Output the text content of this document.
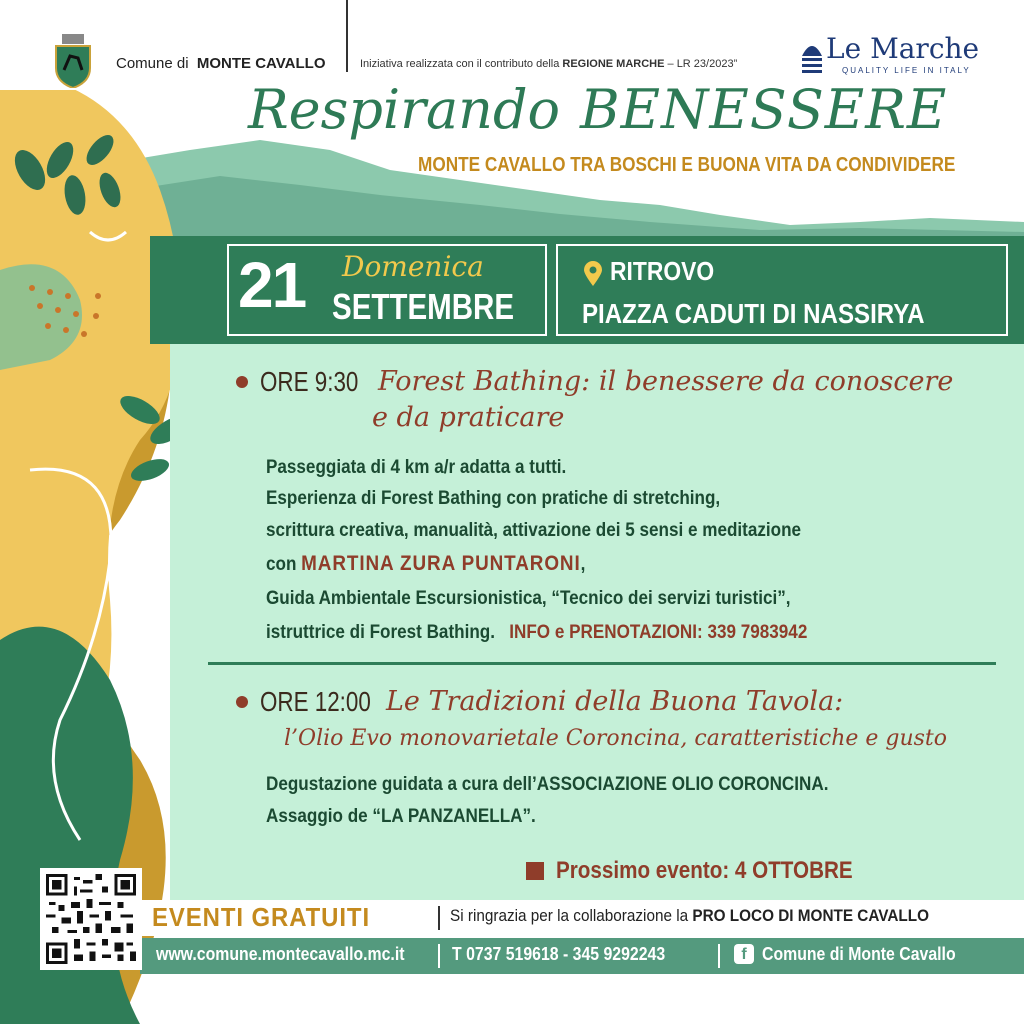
Comune di MONTE CAVALLO	Iniziativa realizzata con il contributo della REGIONE MARCHE – LR 23/2023”	Le Marche
QUALITY LIFE IN ITALY
Respirando BENESSERE
MONTE CAVALLO TRA BOSCHI E BUONA VITA DA CONDIVIDERE
21 Domenica
SETTEMBRE
RITROVO
PIAZZA CADUTI DI NASSIRYA
ORE 9:30 Forest Bathing: il benessere da conoscere
e da praticare
Passeggiata di 4 km a/r adatta a tutti.
Esperienza di Forest Bathing con pratiche di stretching,
scrittura creativa, manualità, attivazione dei 5 sensi e meditazione
con MARTINA ZURA PUNTARONI,
Guida Ambientale Escursionistica, “Tecnico dei servizi turistici”,
istruttrice di Forest Bathing. INFO e PRENOTAZIONI: 339 7983942
ORE 12:00 Le Tradizioni della Buona Tavola:
l’Olio Evo monovarietale Coroncina, caratteristiche e gusto
Degustazione guidata a cura dell’ASSOCIAZIONE OLIO CORONCINA.
Assaggio de “LA PANZANELLA”.
Prossimo evento: 4 OTTOBRE
EVENTI GRATUITI	Si ringrazia per la collaborazione la PRO LOCO DI MONTE CAVALLO
www.comune.montecavallo.mc.it	T 0737 519618 - 345 9292243	f Comune di Monte Cavallo
